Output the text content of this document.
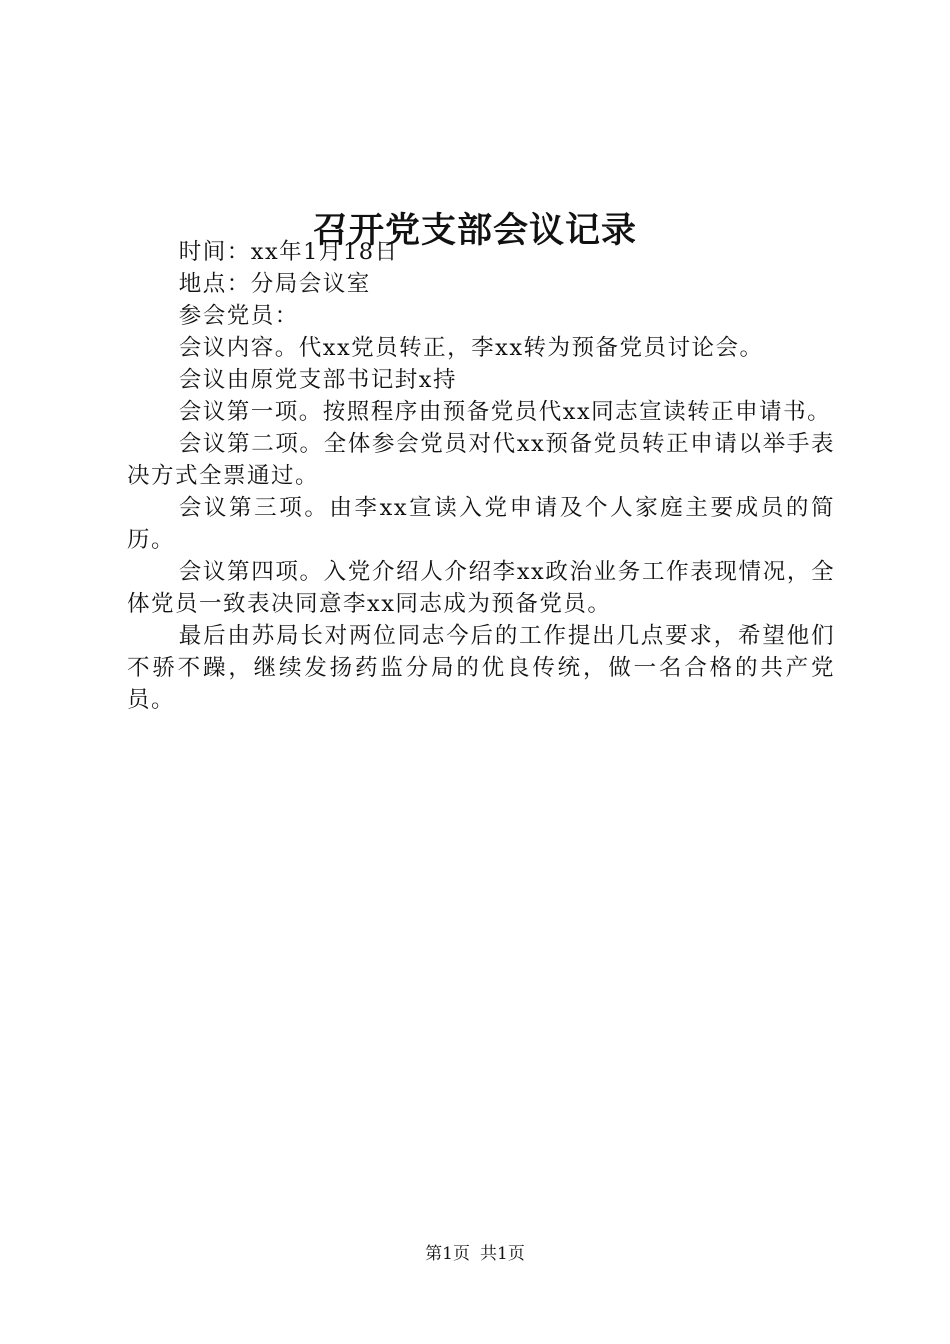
召开党支部会议记录

时间：xx年1月18日

地点：分局会议室

参会党员：

会议内容。代xx党员转正，李xx转为预备党员讨论会。

会议由原党支部书记封x持

会议第一项。按照程序由预备党员代xx同志宣读转正申请书。

会议第二项。全体参会党员对代xx预备党员转正申请以举手表决方式全票通过。

会议第三项。由李xx宣读入党申请及个人家庭主要成员的简历。

会议第四项。入党介绍人介绍李xx政治业务工作表现情况，全体党员一致表决同意李xx同志成为预备党员。

最后由苏局长对两位同志今后的工作提出几点要求，希望他们不骄不躁，继续发扬药监分局的优良传统，做一名合格的共产党员。

第1页 共1页
